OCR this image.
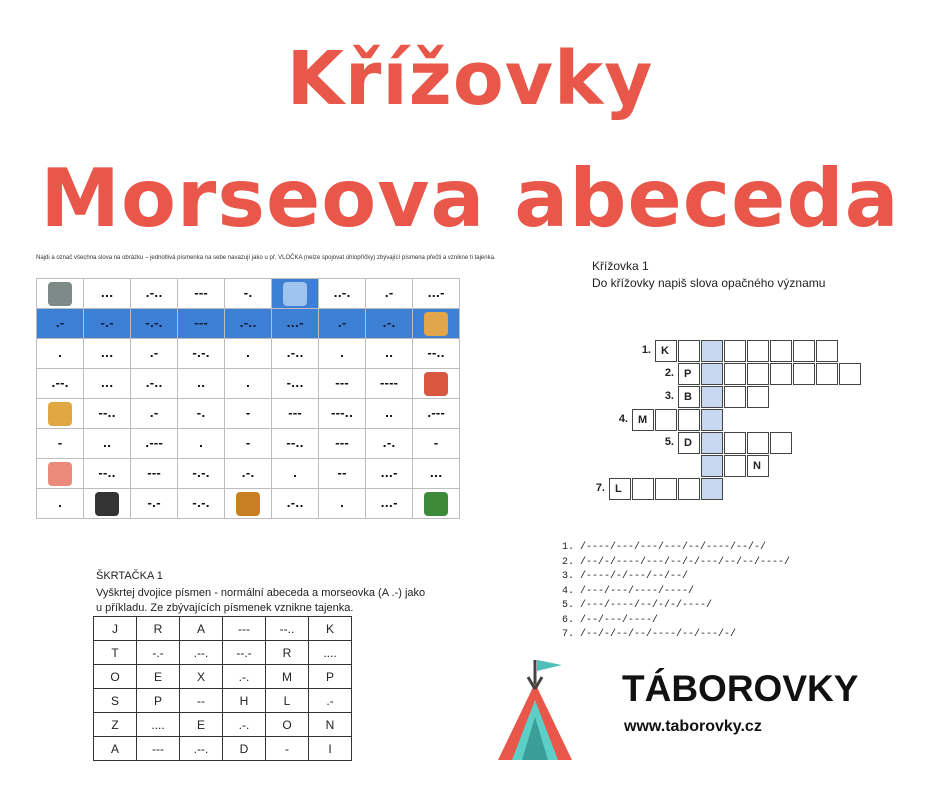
Křížovky
Morseova abeceda
Najdi a označ všechna slova na obrázku – jednotlivá písmenka na sebe navazují jako u př. VLOČKA (nelze spojovat úhlopříčky) zbývající písmena přečti a vznikne ti tajenka.
	...	.-..	---	-.		..-.	.-	...-
.-	-.-	-.-.	---	.-..	...-	.-	.-.	
.	...	.-	-.-.	.	.-..	.	..	--..
.--.	...	.-..	..	.	-...	---	----	
	--..	.-	-.	-	---	---..	..	.---
-	..	.---	.	-	--..	---	.-.	-
	--..	---	-.-.	.-.	.	--	...-	...
.		-.-	-.-.		.-..	.	...-	
Křížovka 1
Do křížovky napiš slova opačného významu
1. K
2. P
3. B
4. M
5. D
N
7. L
1. /----/---/---/---/--/----/--/-/
2. /--/-/----/---/--/-/---/--/--/----/
3. /----/-/---/--/--/
4. /---/---/----/----/
5. /---/----/--/-/-/----/
6. /--/---/----/
7. /--/-/--/--/----/--/---/-/
ŠKRTAČKA 1
Vyškrtej dvojice písmen - normální abeceda a morseovka (A .-) jako u příkladu. Ze zbývajících písmenek vznikne tajenka.
J	R	A	---	--..	K
T	-.-	.--.	--.-	R	....
O	E	X	.-.	M	P
S	P	--	H	L	.-
Z	....	E	.-.	O	N
A	---	.--.	D	-	I
TÁBOROVKY
www.taborovky.cz
